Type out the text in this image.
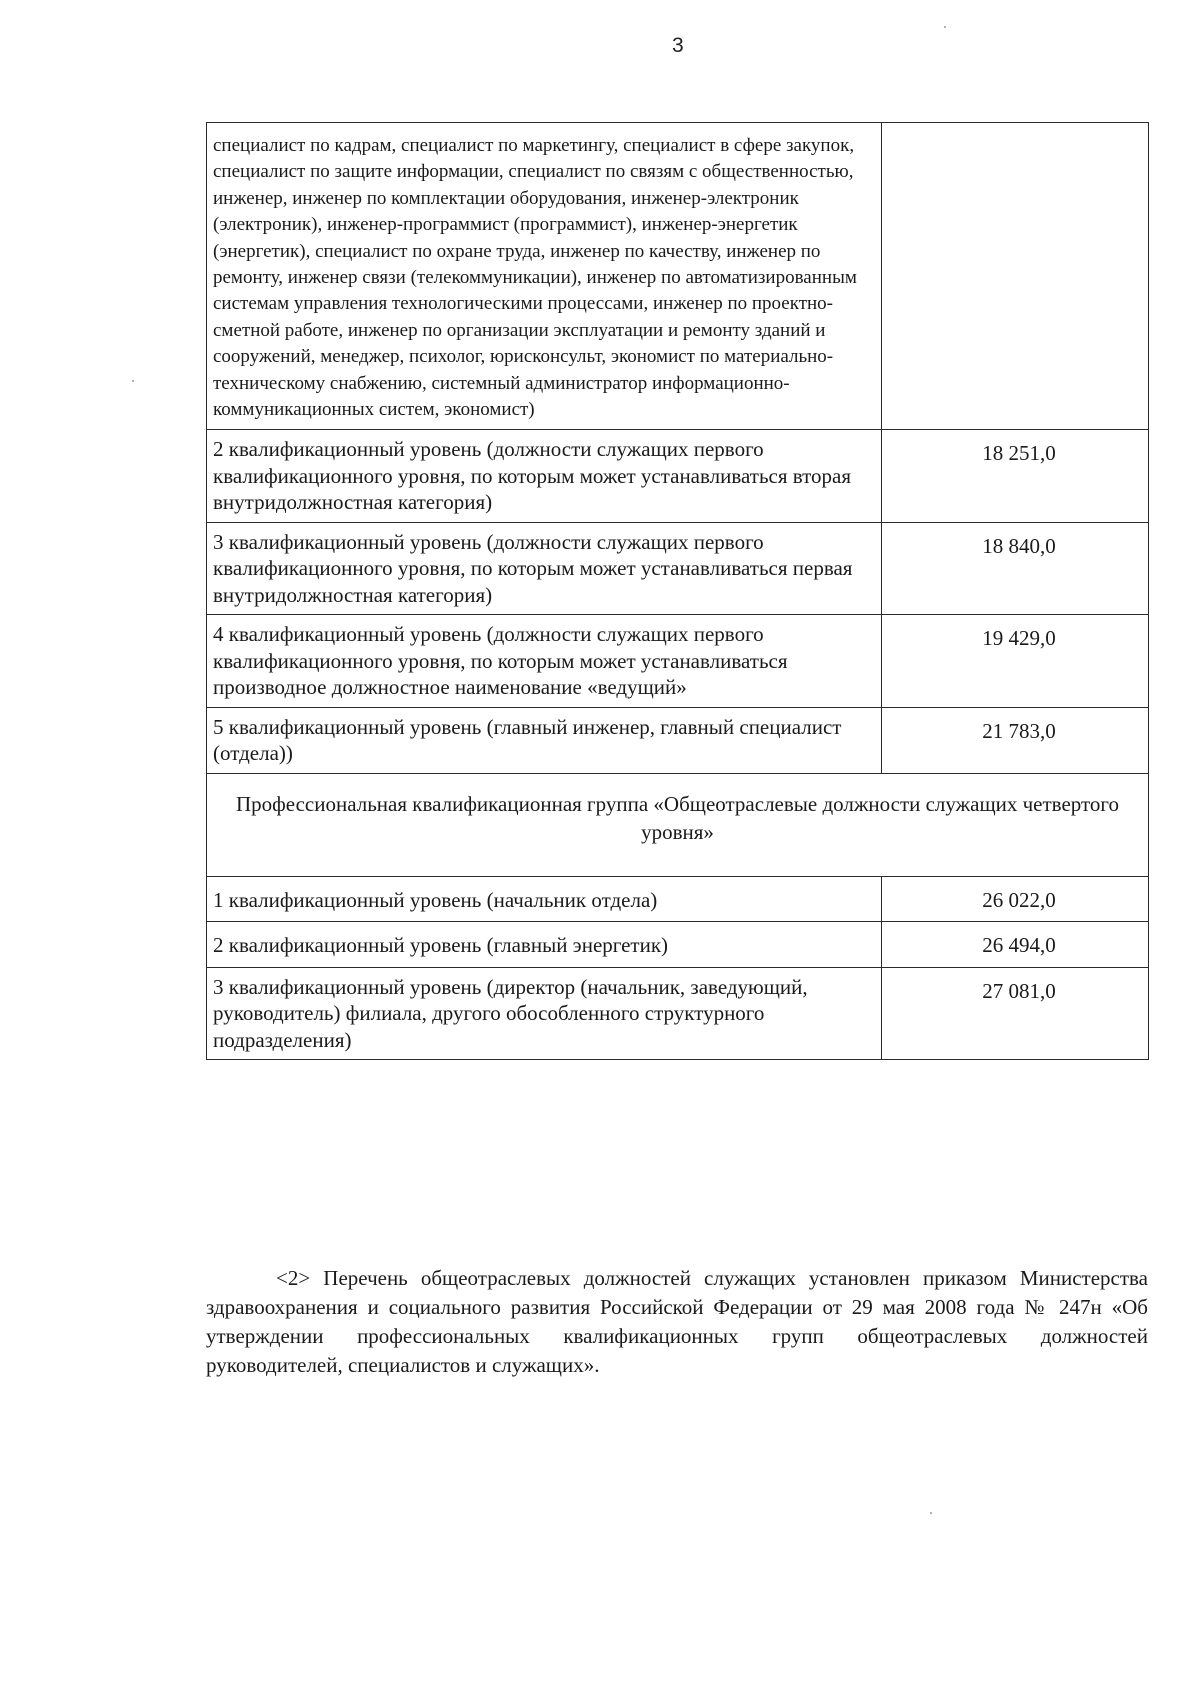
3
специалист по кадрам, специалист по маркетингу, специалист в сфере закупок, специалист по защите информации, специалист по связям с общественностью, инженер, инженер по комплектации оборудования, инженер-электроник (электроник), инженер-программист (программист), инженер-энергетик (энергетик), специалист по охране труда, инженер по качеству, инженер по ремонту, инженер связи (телекоммуникации), инженер по автоматизированным системам управления технологическими процессами, инженер по проектно-сметной работе, инженер по организации эксплуатации и ремонту зданий и сооружений, менеджер, психолог, юрисконсульт, экономист по материально-техническому снабжению, системный администратор информационно-коммуникационных систем, экономист)	
2 квалификационный уровень (должности служащих первого квалификационного уровня, по которым может устанавливаться вторая внутридолжностная категория)	18 251,0
3 квалификационный уровень (должности служащих первого квалификационного уровня, по которым может устанавливаться первая внутридолжностная категория)	18 840,0
4 квалификационный уровень (должности служащих первого квалификационного уровня, по которым может устанавливаться производное должностное наименование «ведущий»	19 429,0
5 квалификационный уровень (главный инженер, главный специалист (отдела))	21 783,0
Профессиональная квалификационная группа «Общеотраслевые должности служащих четвертого уровня»	
1 квалификационный уровень (начальник отдела)	26 022,0
2 квалификационный уровень (главный энергетик)	26 494,0
3 квалификационный уровень (директор (начальник, заведующий, руководитель) филиала, другого обособленного структурного подразделения)	27 081,0
<2> Перечень общеотраслевых должностей служащих установлен приказом Министерства здравоохранения и социального развития Российской Федерации от 29 мая 2008 года № 247н «Об утверждении профессиональных квалификационных групп общеотраслевых должностей руководителей, специалистов и служащих».
